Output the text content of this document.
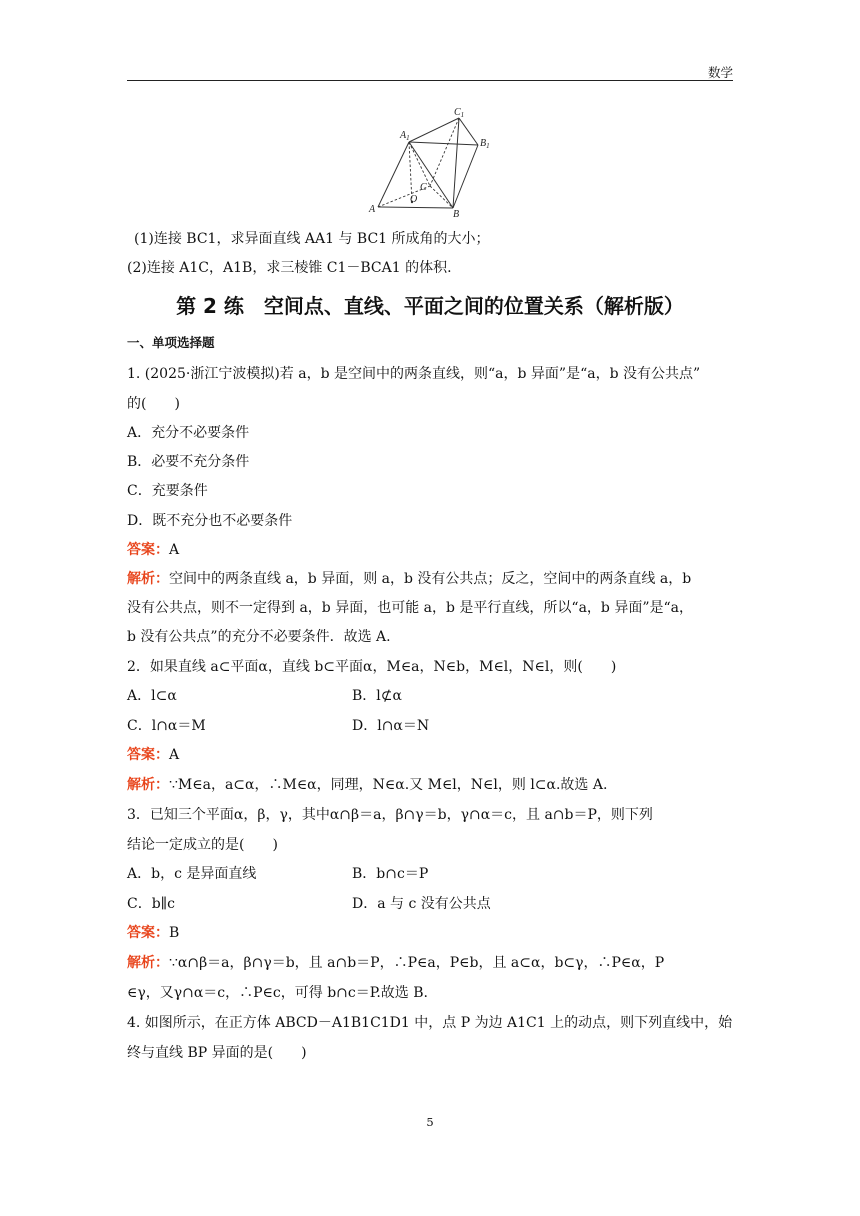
数学
$C_1$
$A_1$	$B_1$
C
O
A	B
(1)连接 BC1，求异面直线 AA1 与 BC1 所成角的大小；
(2)连接 A1C，A1B，求三棱锥 C1－BCA1 的体积.
第 2 练　空间点、直线、平面之间的位置关系（解析版）
一、单项选择题
1. (2025·浙江宁波模拟)若 a，b 是空间中的两条直线，则“a，b 异面”是“a，b 没有公共点”
的(　　)
A．充分不必要条件
B．必要不充分条件
C．充要条件
D．既不充分也不必要条件
答案：A
解析：空间中的两条直线 a，b 异面，则 a，b 没有公共点；反之，空间中的两条直线 a，b
没有公共点，则不一定得到 a，b 异面，也可能 a，b 是平行直线，所以“a，b 异面”是“a，
b 没有公共点”的充分不必要条件．故选 A.
2．如果直线 a⊂平面α，直线 b⊂平面α，M∈a，N∈b，M∈l，N∈l，则(　　)
A．l⊂α	B．l⊄α
C．l∩α＝M	D．l∩α＝N
答案：A
解析：∵M∈a，a⊂α，∴M∈α，同理，N∈α.又 M∈l，N∈l，则 l⊂α.故选 A.
3．已知三个平面α，β，γ，其中α∩β＝a，β∩γ＝b，γ∩α＝c，且 a∩b＝P，则下列
结论一定成立的是(　　)
A．b，c 是异面直线	B．b∩c＝P
C．b∥c	D．a 与 c 没有公共点
答案：B
解析：∵α∩β＝a，β∩γ＝b，且 a∩b＝P，∴P∈a，P∈b，且 a⊂α，b⊂γ，∴P∈α，P
∈γ，又γ∩α＝c，∴P∈c，可得 b∩c＝P.故选 B.
4. 如图所示，在正方体 ABCD－A1B1C1D1 中，点 P 为边 A1C1 上的动点，则下列直线中，始
终与直线 BP 异面的是(　　)
5
